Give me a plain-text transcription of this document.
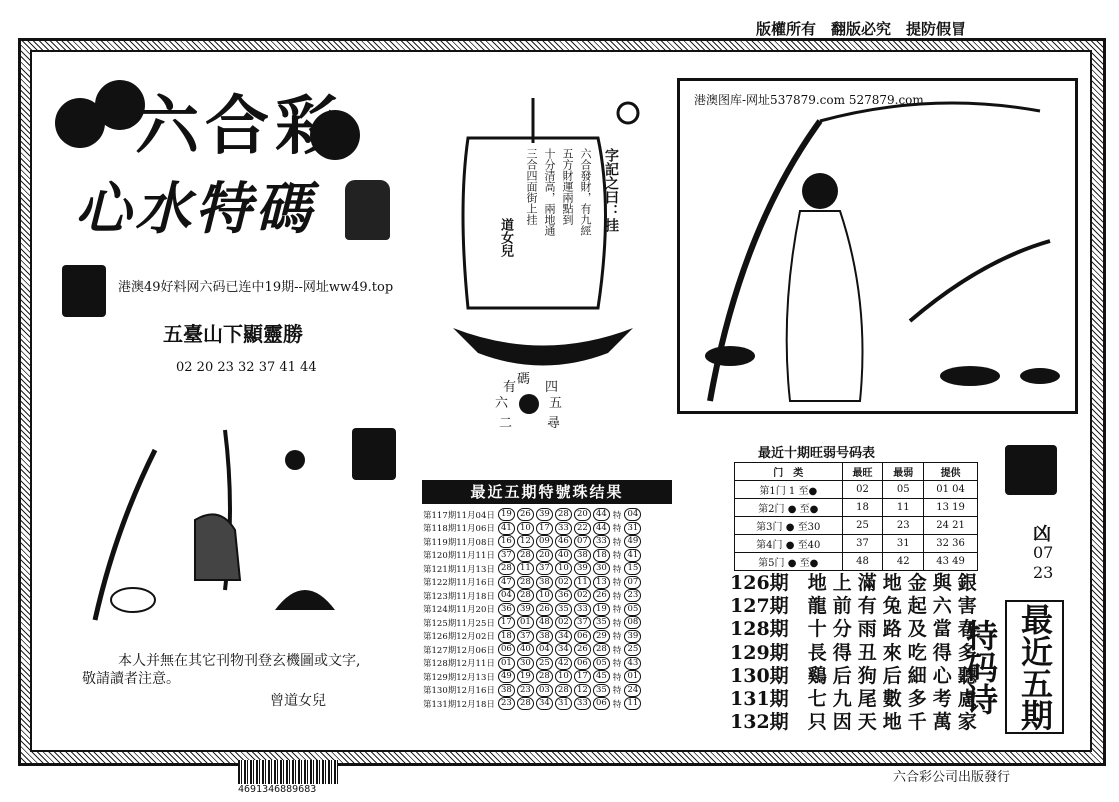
版權所有　翻版必究　提防假冒
六合彩
心水特碼
港澳49好料网六码已连中19期--网址ww49.top
五臺山下顯靈勝
02 20 23 32 37 41 44
六合發財，有九經
五方財運兩點到
十分清高，兩地通
三合四面街上挂	字記之曰：挂
道女兒
碼
四
有
五
六
二	尋
港澳图库-网址537879.com 527879.com
本人并無在其它刊物刊登玄機圖或文字,
敬請讀者注意。
曾道女兒
最近五期特號珠结果
第117期11月04日	19 26 39 28 20 44	特	04
第118期11月06日	41 10 17 33 22 44	特	31
第119期11月08日	16 12 09 46 07 33	特	49
第120期11月11日	37 28 20 40 38 18	特	41
第121期11月13日	28 11 37 10 39 30	特	15
第122期11月16日	47 28 38 02 11 13	特	07
第123期11月18日	04 28 10 36 02 26	特	23
第124期11月20日	36 39 26 35 33 19	特	05
第125期11月25日	17 01 48 02 37 35	特	08
第126期12月02日	18 37 38 34 06 29	特	39
第127期12月06日	06 40 04 34 26 28	特	25
第128期12月11日	01 30 25 42 06 05	特	43
第129期12月13日	49 19 28 10 17 45	特	01
第130期12月16日	38 23 03 28 12 35	特	24
第131期12月18日	23 28 34 31 33 06	特	11
最近十期旺弱号码表
门　类	最旺	最弱	提供
第1门 1 至●	02	05	01 04
第2门 ● 至●	18	11	13 19
第3门 ● 至30	25	23	24 21
第4门 ● 至40	37	31	32 36
第5门 ● 至●	48	42	43 49
126期　 地上滿地金與銀
127期　 龍前有兔起六害
128期　 十分雨路及當春
129期　 長得丑來吃得多
130期　 鷄后狗后細心聽
131期　 七九尾數多考慮
132期　 只因天地千萬家
凶
07
23
最近五期特码诗
4691346889683
六合彩公司出版發行
